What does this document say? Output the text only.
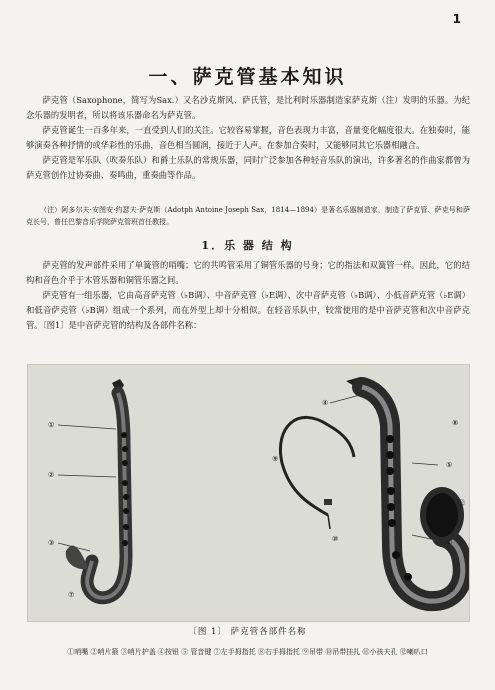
1
一、萨克管基本知识

萨克管（Saxophone，简写为Sax.）又名沙克斯风、萨氏管，是比利时乐器制造家萨克斯（注）发明的乐器。为纪念乐器的发明者，所以将该乐器命名为萨克管。

萨克管诞生一百多年来，一直受到人们的关注。它较容易掌握，音色表现力丰富，音量变化幅度很大。在独奏时，能够演奏各种抒情的或华彩性的乐曲，音色相当圆润，接近于人声。在参加合奏时，又能够同其它乐器相融合。

萨克管是军乐队（吹奏乐队）和爵士乐队的常规乐器，同时广泛参加各种轻音乐队的演出，许多著名的作曲家都曾为萨克管创作过协奏曲、奏鸣曲，重奏曲等作品。

（注）阿多尔夫·安图安·约瑟夫·萨克斯（Adotph Antoine Joseph Sax，1814—1894）是著名乐器制造家，制造了萨克管、萨克号和萨克长号，曾任巴黎音乐学院萨克管班首任教授。

1．乐 器 结 构

萨克管的发声部件采用了单簧管的哨嘴；它的共鸣管采用了铜管乐器的号身；它的指法和双簧管一样。因此，它的结构和音色介乎于木管乐器和铜管乐器之间。

萨克管有一组乐器，它由高音萨克管（♭B调）、中音萨克管（♭E调）、次中音萨克管（♭B调）、小低音萨克管（♭E调）和低音萨克管（♭B调）组成一个系列，而在外型上却十分相似。在轻音乐队中，较常使用的是中音萨克管和次中音萨克管。〔图1〕是中音萨克管的结构及各部件名称：

①
②
③
④
⑤
⑥
⑦
⑧
⑨
⑩
⑪
⑫
〔图 1〕 萨克管各部件名称
①哨嘴 ②哨片箍 ③哨片护盖 ④按钮 ⑤ 管音键 ⑦左手拇指托 ⑧右手拇指托 ⑨吊带 ⑩吊带挂扎 ⑪小孩夫孔 ⑫喇叭口
